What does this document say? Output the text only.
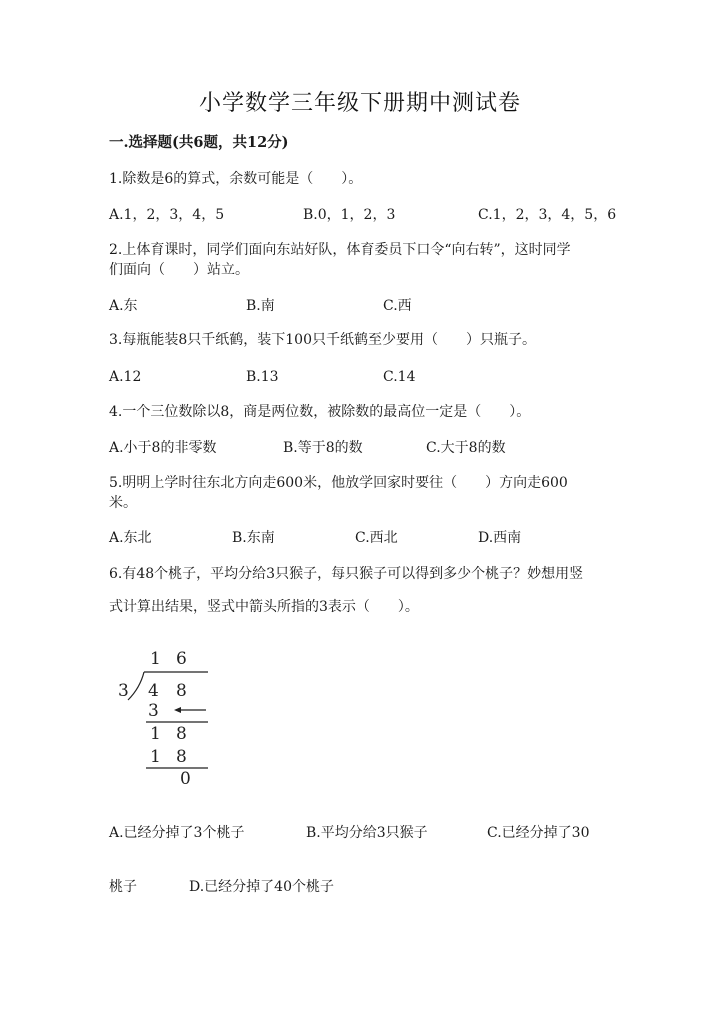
小学数学三年级下册期中测试卷
一.选择题(共6题，共12分)
1.除数是6的算式，余数可能是（　　）。
A.1，2，3，4，5	B.0，1，2，3	C.1，2，3，4，5，6
2.上体育课时，同学们面向东站好队，体育委员下口令“向右转”，这时同学
们面向（　　）站立。
A.东	B.南	C.西
3.每瓶能装8只千纸鹤，装下100只千纸鹤至少要用（　　）只瓶子。
A.12	B.13	C.14
4.一个三位数除以8，商是两位数，被除数的最高位一定是（　　）。
A.小于8的非零数	B.等于8的数	C.大于8的数
5.明明上学时往东北方向走600米，他放学回家时要往（　　）方向走600
米。
A.东北	B.东南	C.西北	D.西南
6.有48个桃子，平均分给3只猴子，每只猴子可以得到多少个桃子？妙想用竖
式计算出结果，竖式中箭头所指的3表示（　　）。
1 6
3 4 8
3
1 8
1 8
0
A.已经分掉了3个桃子	B.平均分给3只猴子	C.已经分掉了30
桃子	D.已经分掉了40个桃子
